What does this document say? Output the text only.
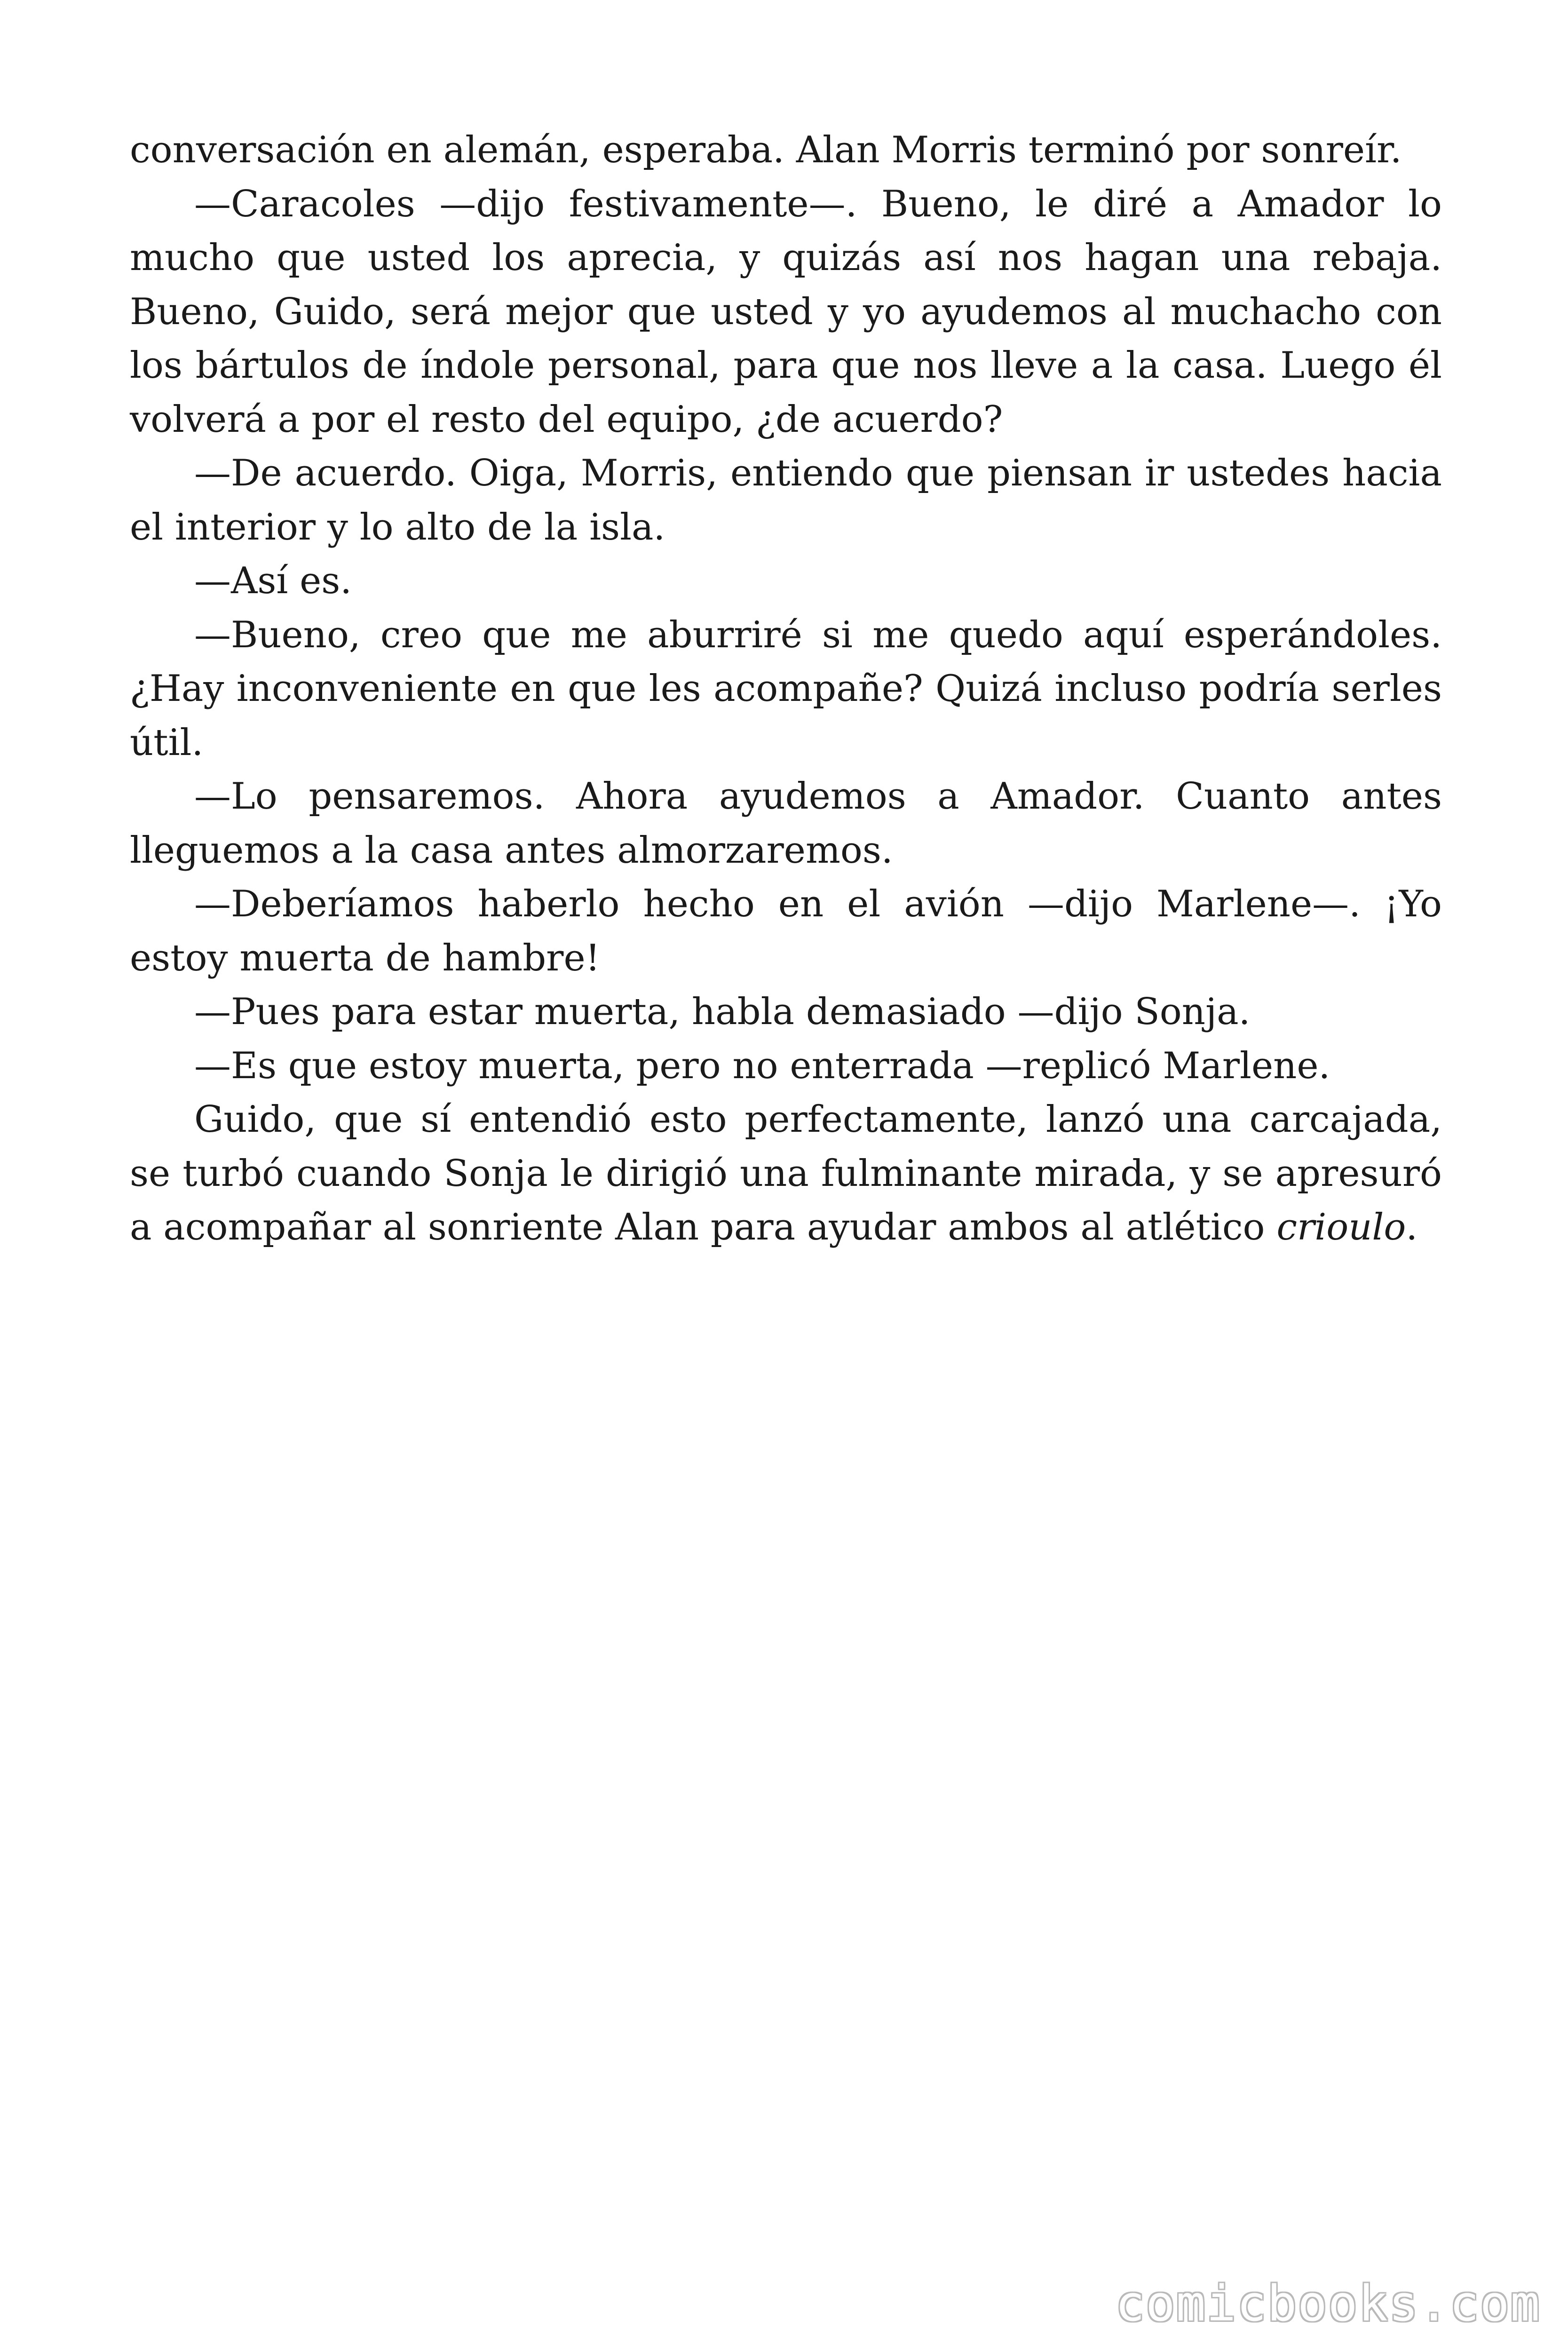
conversación en alemán, esperaba. Alan Morris terminó por sonreír.

—Caracoles —dijo festivamente—. Bueno, le diré a Amador lo mucho que usted los aprecia, y quizás así nos hagan una rebaja. Bueno, Guido, será mejor que usted y yo ayudemos al muchacho con los bártulos de índole personal, para que nos lleve a la casa. Luego él volverá a por el resto del equipo, ¿de acuerdo?

—De acuerdo. Oiga, Morris, entiendo que piensan ir ustedes hacia el interior y lo alto de la isla.

—Así es.

—Bueno, creo que me aburriré si me quedo aquí esperándoles. ¿Hay inconveniente en que les acompañe? Quizá incluso podría serles útil.

—Lo pensaremos. Ahora ayudemos a Amador. Cuanto antes lleguemos a la casa antes almorzaremos.

—Deberíamos haberlo hecho en el avión —dijo Marlene—. ¡Yo estoy muerta de hambre!

—Pues para estar muerta, habla demasiado —dijo Sonja.

—Es que estoy muerta, pero no enterrada —replicó Marlene.

Guido, que sí entendió esto perfectamente, lanzó una carcajada, se turbó cuando Sonja le dirigió una fulminante mirada, y se apresuró a acompañar al sonriente Alan para ayudar ambos al atlético crioulo.

comicbooks.com
